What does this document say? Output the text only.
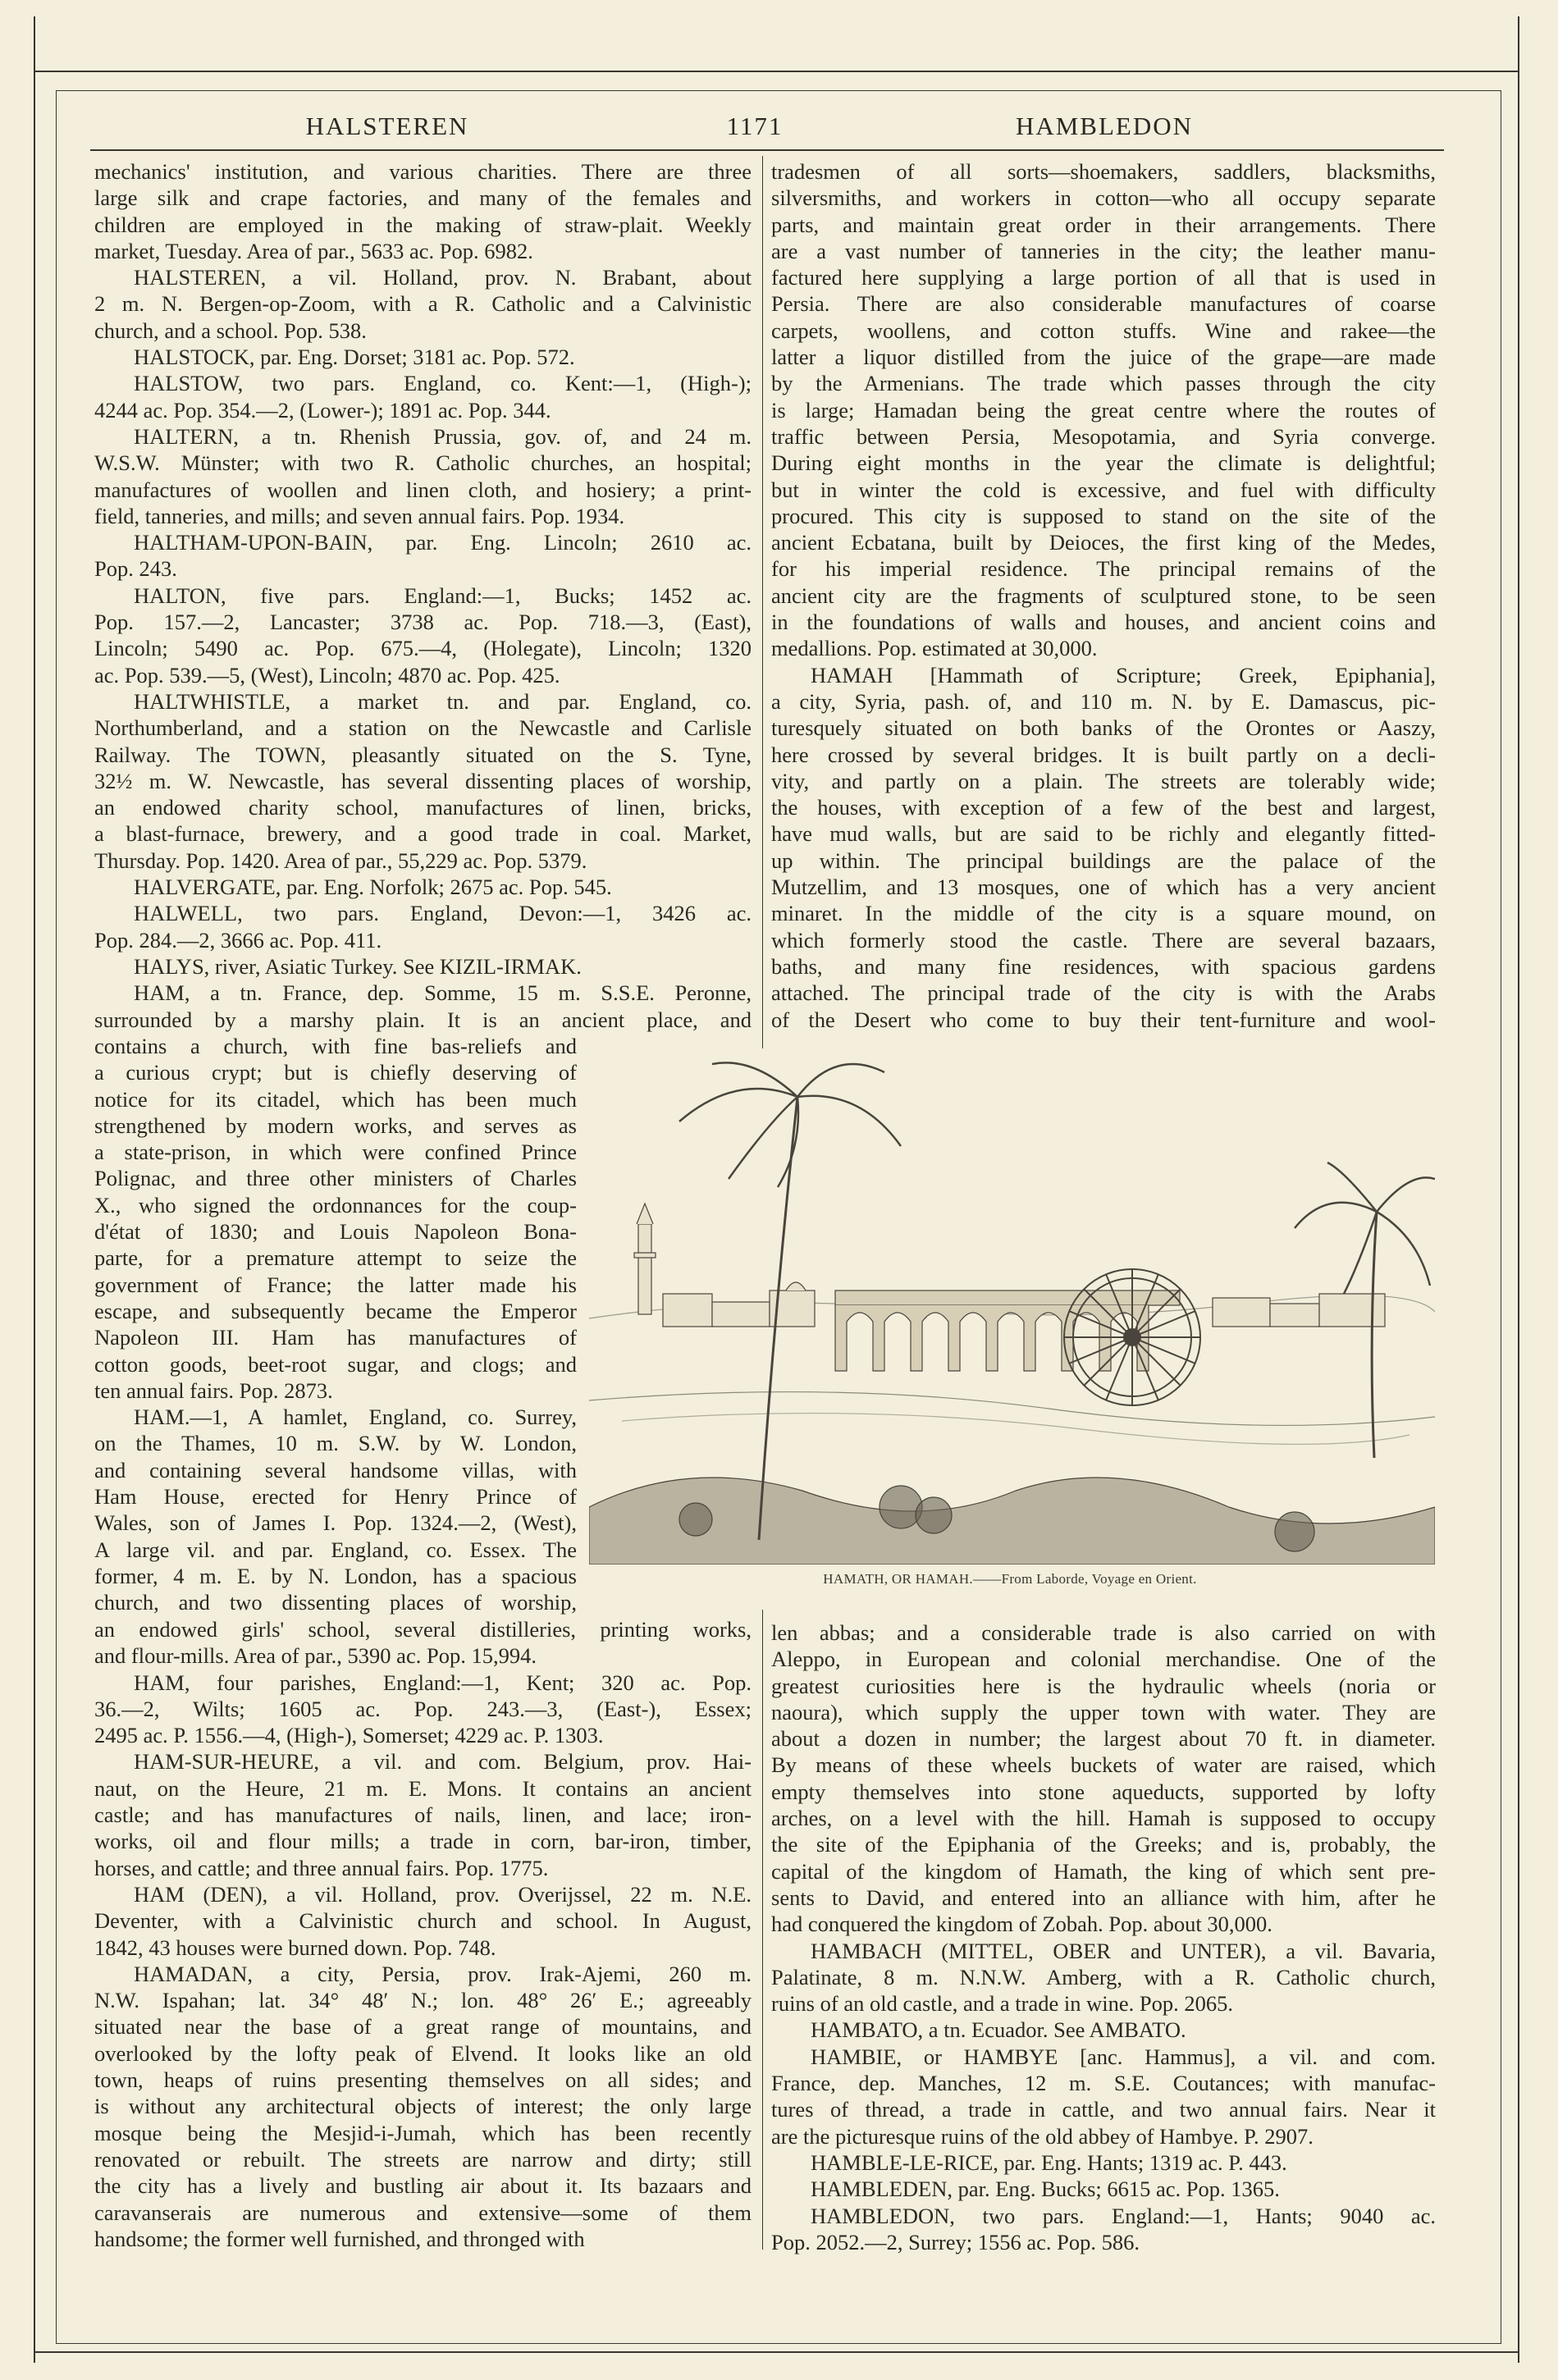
HALSTEREN	1171	HAMBLEDON
mechanics' institution, and various charities. There are three
large silk and crape factories, and many of the females and
children are employed in the making of straw-plait. Weekly
market, Tuesday. Area of par., 5633 ac. Pop. 6982.
HALSTEREN, a vil. Holland, prov. N. Brabant, about
2 m. N. Bergen-op-Zoom, with a R. Catholic and a Calvinistic
church, and a school. Pop. 538.
HALSTOCK, par. Eng. Dorset; 3181 ac. Pop. 572.
HALSTOW, two pars. England, co. Kent:—1, (High-);
4244 ac. Pop. 354.—2, (Lower-); 1891 ac. Pop. 344.
HALTERN, a tn. Rhenish Prussia, gov. of, and 24 m.
W.S.W. Münster; with two R. Catholic churches, an hospital;
manufactures of woollen and linen cloth, and hosiery; a print-
field, tanneries, and mills; and seven annual fairs. Pop. 1934.
HALTHAM-UPON-BAIN, par. Eng. Lincoln; 2610 ac.
Pop. 243.
HALTON, five pars. England:—1, Bucks; 1452 ac.
Pop. 157.—2, Lancaster; 3738 ac. Pop. 718.—3, (East),
Lincoln; 5490 ac. Pop. 675.—4, (Holegate), Lincoln; 1320
ac. Pop. 539.—5, (West), Lincoln; 4870 ac. Pop. 425.
HALTWHISTLE, a market tn. and par. England, co.
Northumberland, and a station on the Newcastle and Carlisle
Railway. The TOWN, pleasantly situated on the S. Tyne,
32½ m. W. Newcastle, has several dissenting places of worship,
an endowed charity school, manufactures of linen, bricks,
a blast-furnace, brewery, and a good trade in coal. Market,
Thursday. Pop. 1420. Area of par., 55,229 ac. Pop. 5379.
HALVERGATE, par. Eng. Norfolk; 2675 ac. Pop. 545.
HALWELL, two pars. England, Devon:—1, 3426 ac.
Pop. 284.—2, 3666 ac. Pop. 411.
HALYS, river, Asiatic Turkey. See KIZIL-IRMAK.
HAM, a tn. France, dep. Somme, 15 m. S.S.E. Peronne,
surrounded by a marshy plain. It is an ancient place, and
contains a church, with fine bas-reliefs and
a curious crypt; but is chiefly deserving of
notice for its citadel, which has been much
strengthened by modern works, and serves as
a state-prison, in which were confined Prince
Polignac, and three other ministers of Charles
X., who signed the ordonnances for the coup-
d'état of 1830; and Louis Napoleon Bona-
parte, for a premature attempt to seize the
government of France; the latter made his
escape, and subsequently became the Emperor
Napoleon III. Ham has manufactures of
cotton goods, beet-root sugar, and clogs; and
ten annual fairs. Pop. 2873.
HAM.—1, A hamlet, England, co. Surrey,
on the Thames, 10 m. S.W. by W. London,
and containing several handsome villas, with
Ham House, erected for Henry Prince of
Wales, son of James I. Pop. 1324.—2, (West),
A large vil. and par. England, co. Essex. The
former, 4 m. E. by N. London, has a spacious
church, and two dissenting places of worship,
an endowed girls' school, several distilleries, printing works,
and flour-mills. Area of par., 5390 ac. Pop. 15,994.
HAM, four parishes, England:—1, Kent; 320 ac. Pop.
36.—2, Wilts; 1605 ac. Pop. 243.—3, (East-), Essex;
2495 ac. P. 1556.—4, (High-), Somerset; 4229 ac. P. 1303.
HAM-SUR-HEURE, a vil. and com. Belgium, prov. Hai-
naut, on the Heure, 21 m. E. Mons. It contains an ancient
castle; and has manufactures of nails, linen, and lace; iron-
works, oil and flour mills; a trade in corn, bar-iron, timber,
horses, and cattle; and three annual fairs. Pop. 1775.
HAM (DEN), a vil. Holland, prov. Overijssel, 22 m. N.E.
Deventer, with a Calvinistic church and school. In August,
1842, 43 houses were burned down. Pop. 748.
HAMADAN, a city, Persia, prov. Irak-Ajemi, 260 m.
N.W. Ispahan; lat. 34° 48′ N.; lon. 48° 26′ E.; agreeably
situated near the base of a great range of mountains, and
overlooked by the lofty peak of Elvend. It looks like an old
town, heaps of ruins presenting themselves on all sides; and
is without any architectural objects of interest; the only large
mosque being the Mesjid-i-Jumah, which has been recently
renovated or rebuilt. The streets are narrow and dirty; still
the city has a lively and bustling air about it. Its bazaars and
caravanserais are numerous and extensive—some of them
handsome; the former well furnished, and thronged with
tradesmen of all sorts—shoemakers, saddlers, blacksmiths,
silversmiths, and workers in cotton—who all occupy separate
parts, and maintain great order in their arrangements. There
are a vast number of tanneries in the city; the leather manu-
factured here supplying a large portion of all that is used in
Persia. There are also considerable manufactures of coarse
carpets, woollens, and cotton stuffs. Wine and rakee—the
latter a liquor distilled from the juice of the grape—are made
by the Armenians. The trade which passes through the city
is large; Hamadan being the great centre where the routes of
traffic between Persia, Mesopotamia, and Syria converge.
During eight months in the year the climate is delightful;
but in winter the cold is excessive, and fuel with difficulty
procured. This city is supposed to stand on the site of the
ancient Ecbatana, built by Deioces, the first king of the Medes,
for his imperial residence. The principal remains of the
ancient city are the fragments of sculptured stone, to be seen
in the foundations of walls and houses, and ancient coins and
medallions. Pop. estimated at 30,000.
HAMAH [Hammath of Scripture; Greek, Epiphania],
a city, Syria, pash. of, and 110 m. N. by E. Damascus, pic-
turesquely situated on both banks of the Orontes or Aaszy,
here crossed by several bridges. It is built partly on a decli-
vity, and partly on a plain. The streets are tolerably wide;
the houses, with exception of a few of the best and largest,
have mud walls, but are said to be richly and elegantly fitted-
up within. The principal buildings are the palace of the
Mutzellim, and 13 mosques, one of which has a very ancient
minaret. In the middle of the city is a square mound, on
which formerly stood the castle. There are several bazaars,
baths, and many fine residences, with spacious gardens
attached. The principal trade of the city is with the Arabs
of the Desert who come to buy their tent-furniture and wool-
len abbas; and a considerable trade is also carried on with
Aleppo, in European and colonial merchandise. One of the
greatest curiosities here is the hydraulic wheels (noria or
naoura), which supply the upper town with water. They are
about a dozen in number; the largest about 70 ft. in diameter.
By means of these wheels buckets of water are raised, which
empty themselves into stone aqueducts, supported by lofty
arches, on a level with the hill. Hamah is supposed to occupy
the site of the Epiphania of the Greeks; and is, probably, the
capital of the kingdom of Hamath, the king of which sent pre-
sents to David, and entered into an alliance with him, after he
had conquered the kingdom of Zobah. Pop. about 30,000.
HAMBACH (MITTEL, OBER and UNTER), a vil. Bavaria,
Palatinate, 8 m. N.N.W. Amberg, with a R. Catholic church,
ruins of an old castle, and a trade in wine. Pop. 2065.
HAMBATO, a tn. Ecuador. See AMBATO.
HAMBIE, or HAMBYE [anc. Hammus], a vil. and com.
France, dep. Manches, 12 m. S.E. Coutances; with manufac-
tures of thread, a trade in cattle, and two annual fairs. Near it
are the picturesque ruins of the old abbey of Hambye. P. 2907.
HAMBLE-LE-RICE, par. Eng. Hants; 1319 ac. P. 443.
HAMBLEDEN, par. Eng. Bucks; 6615 ac. Pop. 1365.
HAMBLEDON, two pars. England:—1, Hants; 9040 ac.
Pop. 2052.—2, Surrey; 1556 ac. Pop. 586.
HAMATH, OR HAMAH.——From Laborde, Voyage en Orient.
